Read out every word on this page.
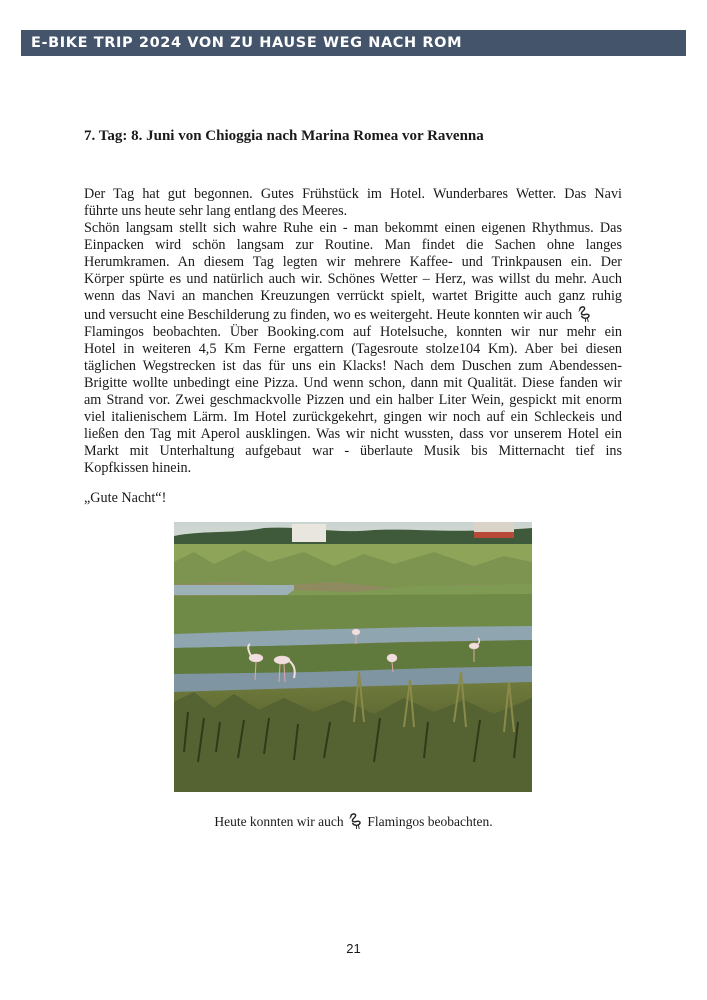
E-BIKE TRIP 2024 VON ZU HAUSE WEG NACH ROM
7. Tag: 8. Juni von Chioggia nach Marina Romea vor Ravenna

Der Tag hat gut begonnen. Gutes Frühstück im Hotel. Wunderbares Wetter. Das Navi

führte uns heute sehr lang entlang des Meeres.

Schön langsam stellt sich wahre Ruhe ein - man bekommt einen eigenen Rhythmus. Das

Einpacken wird schön langsam zur Routine. Man findet die Sachen ohne langes

Herumkramen. An diesem Tag legten wir mehrere Kaffee- und Trinkpausen ein. Der

Körper spürte es und natürlich auch wir. Schönes Wetter – Herz, was willst du mehr. Auch

wenn das Navi an manchen Kreuzungen verrückt spielt, wartet Brigitte auch ganz ruhig

und versucht eine Beschilderung zu finden, wo es weitergeht. Heute konnten wir auch

Flamingos beobachten. Über Booking.com auf Hotelsuche, konnten wir nur mehr ein

Hotel in weiteren 4,5 Km Ferne ergattern (Tagesroute stolze104 Km). Aber bei diesen

täglichen Wegstrecken ist das für uns ein Klacks! Nach dem Duschen zum Abendessen-

Brigitte wollte unbedingt eine Pizza. Und wenn schon, dann mit Qualität. Diese fanden wir

am Strand vor. Zwei geschmackvolle Pizzen und ein halber Liter Wein, gespickt mit enorm

viel italienischem Lärm. Im Hotel zurückgekehrt, gingen wir noch auf ein Schleckeis und

ließen den Tag mit Aperol ausklingen. Was wir nicht wussten, dass vor unserem Hotel ein

Markt mit Unterhaltung aufgebaut war - überlaute Musik bis Mitternacht tief ins

Kopfkissen hinein.

„Gute Nacht“!
Heute konnten wir auch Flamingos beobachten.
21
